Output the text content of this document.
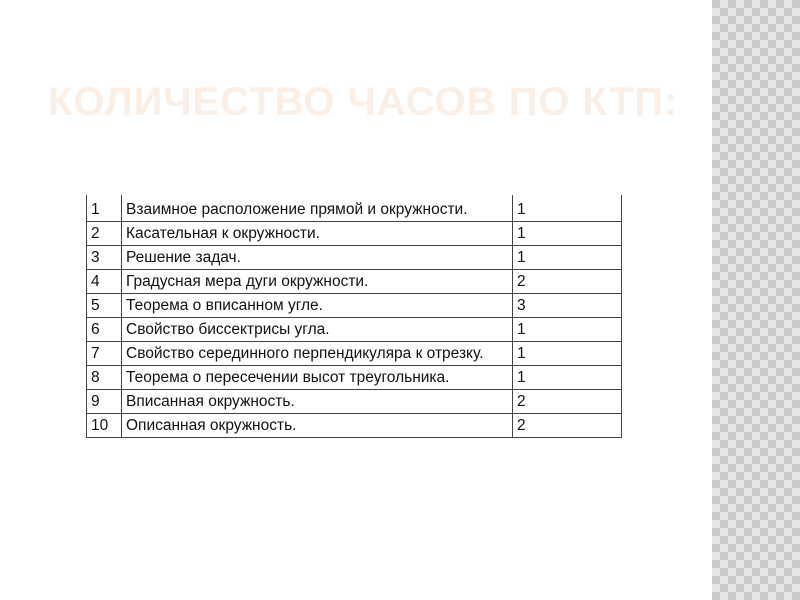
КОЛИЧЕСТВО ЧАСОВ ПО КТП:
1	Взаимное расположение прямой и окружности.	1
2	Касательная к окружности.	1
3	Решение задач.	1
4	Градусная мера дуги окружности.	2
5	Теорема о вписанном угле.	3
6	Свойство биссектрисы угла.	1
7	Свойство серединного перпендикуляра к отрезку.	1
8	Теорема о пересечении высот треугольника.	1
9	Вписанная окружность.	2
10	Описанная окружность.	2
